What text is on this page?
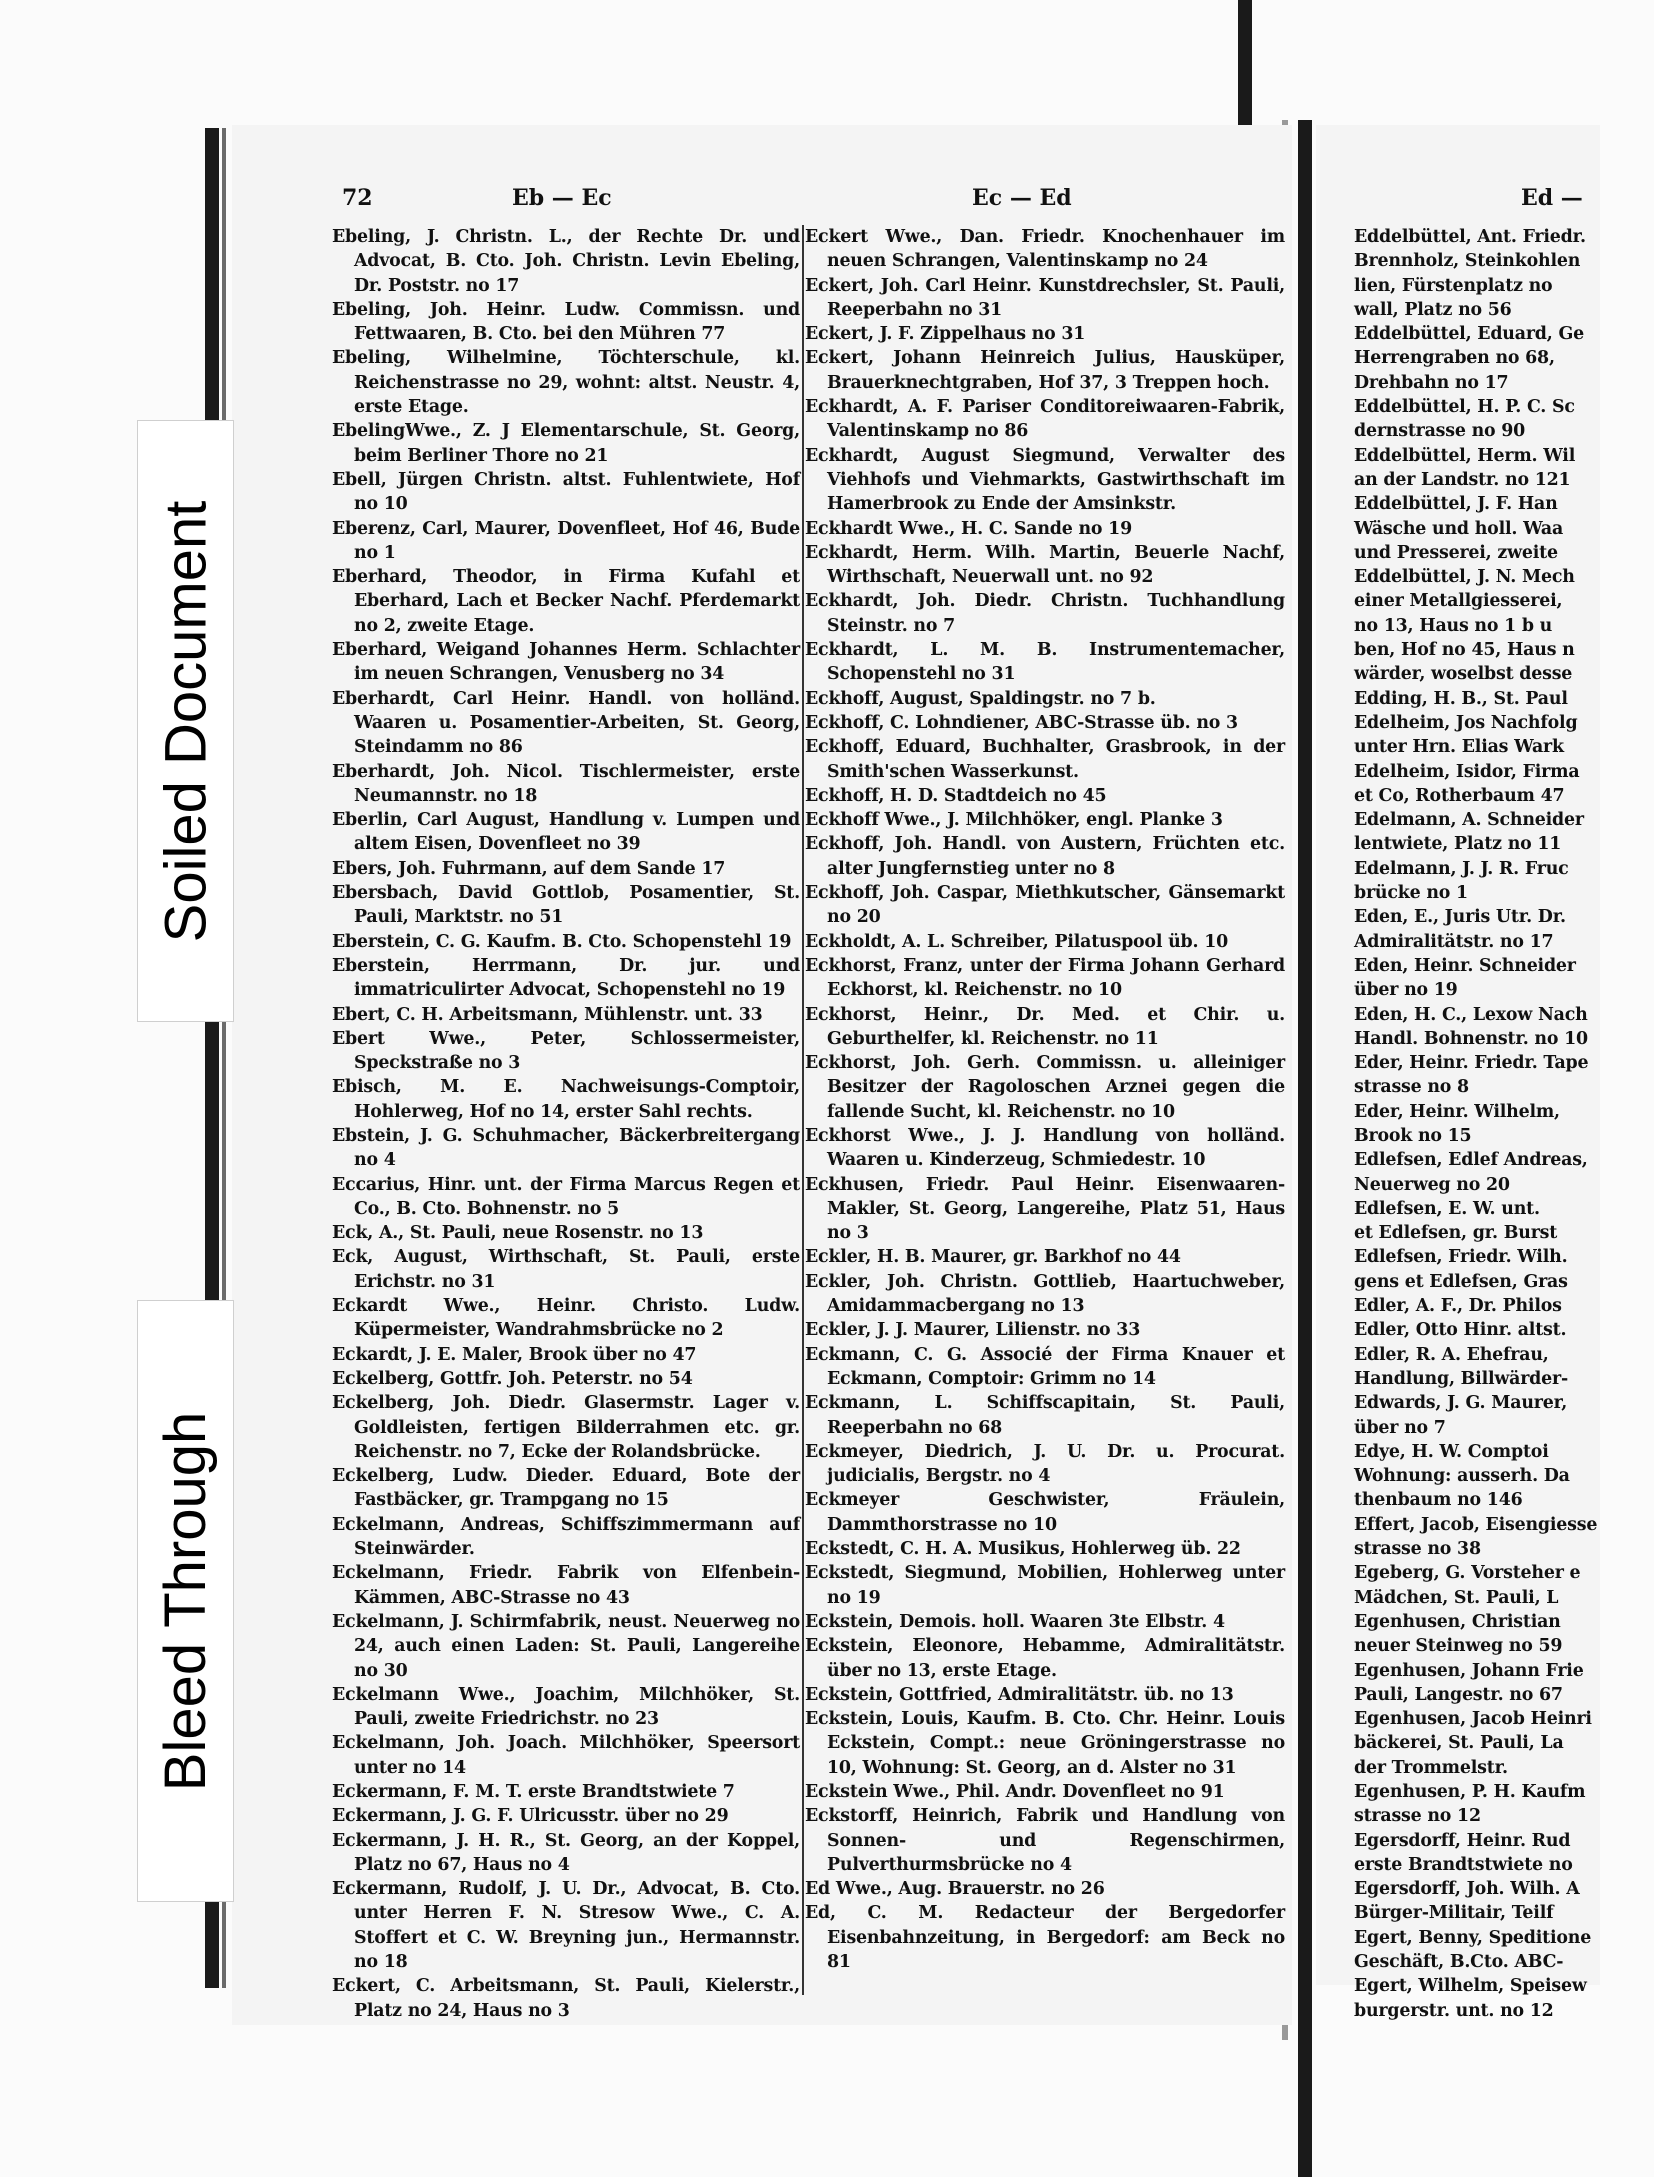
72	Eb — Ec	Ec — Ed

Ebeling, J. Christn. L., der Rechte Dr. und Advocat, B. Cto. Joh. Christn. Levin Ebeling, Dr. Poststr. no 17

Ebeling, Joh. Heinr. Ludw. Commissn. und Fettwaaren, B. Cto. bei den Mühren 77

Ebeling, Wilhelmine, Töchterschule, kl. Reichenstrasse no 29, wohnt: altst. Neustr. 4, erste Etage.

EbelingWwe., Z. J Elementarschule, St. Georg, beim Berliner Thore no 21

Ebell, Jürgen Christn. altst. Fuhlentwiete, Hof no 10

Eberenz, Carl, Maurer, Dovenfleet, Hof 46, Bude no 1

Eberhard, Theodor, in Firma Kufahl et Eberhard, Lach et Becker Nachf. Pferdemarkt no 2, zweite Etage.

Eberhard, Weigand Johannes Herm. Schlachter im neuen Schrangen, Venusberg no 34

Eberhardt, Carl Heinr. Handl. von holländ. Waaren u. Posamentier-Arbeiten, St. Georg, Steindamm no 86

Eberhardt, Joh. Nicol. Tischlermeister, erste Neumannstr. no 18

Eberlin, Carl August, Handlung v. Lumpen und altem Eisen, Dovenfleet no 39

Ebers, Joh. Fuhrmann, auf dem Sande 17

Ebersbach, David Gottlob, Posamentier, St. Pauli, Marktstr. no 51

Eberstein, C. G. Kaufm. B. Cto. Schopenstehl 19

Eberstein, Herrmann, Dr. jur. und immatriculirter Advocat, Schopenstehl no 19

Ebert, C. H. Arbeitsmann, Mühlenstr. unt. 33

Ebert Wwe., Peter, Schlossermeister, Speckstraße no 3

Ebisch, M. E. Nachweisungs-Comptoir, Hohlerweg, Hof no 14, erster Sahl rechts.

Ebstein, J. G. Schuhmacher, Bäckerbreitergang no 4

Eccarius, Hinr. unt. der Firma Marcus Regen et Co., B. Cto. Bohnenstr. no 5

Eck, A., St. Pauli, neue Rosenstr. no 13

Eck, August, Wirthschaft, St. Pauli, erste Erichstr. no 31

Eckardt Wwe., Heinr. Christo. Ludw. Küpermeister, Wandrahmsbrücke no 2

Eckardt, J. E. Maler, Brook über no 47

Eckelberg, Gottfr. Joh. Peterstr. no 54

Eckelberg, Joh. Diedr. Glasermstr. Lager v. Goldleisten, fertigen Bilderrahmen etc. gr. Reichenstr. no 7, Ecke der Rolandsbrücke.

Eckelberg, Ludw. Dieder. Eduard, Bote der Fastbäcker, gr. Trampgang no 15

Eckelmann, Andreas, Schiffszimmermann auf Steinwärder.

Eckelmann, Friedr. Fabrik von Elfenbein-Kämmen, ABC-Strasse no 43

Eckelmann, J. Schirmfabrik, neust. Neuerweg no 24, auch einen Laden: St. Pauli, Langereihe no 30

Eckelmann Wwe., Joachim, Milchhöker, St. Pauli, zweite Friedrichstr. no 23

Eckelmann, Joh. Joach. Milchhöker, Speersort unter no 14

Eckermann, F. M. T. erste Brandtstwiete 7

Eckermann, J. G. F. Ulricusstr. über no 29

Eckermann, J. H. R., St. Georg, an der Koppel, Platz no 67, Haus no 4

Eckermann, Rudolf, J. U. Dr., Advocat, B. Cto. unter Herren F. N. Stresow Wwe., C. A. Stoffert et C. W. Breyning jun., Hermannstr. no 18

Eckert, C. Arbeitsmann, St. Pauli, Kielerstr., Platz no 24, Haus no 3

Eckert Wwe., Dan. Friedr. Knochenhauer im neuen Schrangen, Valentinskamp no 24

Eckert, Joh. Carl Heinr. Kunstdrechsler, St. Pauli, Reeperbahn no 31

Eckert, J. F. Zippelhaus no 31

Eckert, Johann Heinreich Julius, Hausküper, Brauerknechtgraben, Hof 37, 3 Treppen hoch.

Eckhardt, A. F. Pariser Conditoreiwaaren-Fabrik, Valentinskamp no 86

Eckhardt, August Siegmund, Verwalter des Viehhofs und Viehmarkts, Gastwirthschaft im Hamerbrook zu Ende der Amsinkstr.

Eckhardt Wwe., H. C. Sande no 19

Eckhardt, Herm. Wilh. Martin, Beuerle Nachf, Wirthschaft, Neuerwall unt. no 92

Eckhardt, Joh. Diedr. Christn. Tuchhandlung Steinstr. no 7

Eckhardt, L. M. B. Instrumentemacher, Schopenstehl no 31

Eckhoff, August, Spaldingstr. no 7 b.

Eckhoff, C. Lohndiener, ABC-Strasse üb. no 3

Eckhoff, Eduard, Buchhalter, Grasbrook, in der Smith'schen Wasserkunst.

Eckhoff, H. D. Stadtdeich no 45

Eckhoff Wwe., J. Milchhöker, engl. Planke 3

Eckhoff, Joh. Handl. von Austern, Früchten etc. alter Jungfernstieg unter no 8

Eckhoff, Joh. Caspar, Miethkutscher, Gänsemarkt no 20

Eckholdt, A. L. Schreiber, Pilatuspool üb. 10

Eckhorst, Franz, unter der Firma Johann Gerhard Eckhorst, kl. Reichenstr. no 10

Eckhorst, Heinr., Dr. Med. et Chir. u. Geburthelfer, kl. Reichenstr. no 11

Eckhorst, Joh. Gerh. Commissn. u. alleiniger Besitzer der Ragoloschen Arznei gegen die fallende Sucht, kl. Reichenstr. no 10

Eckhorst Wwe., J. J. Handlung von holländ. Waaren u. Kinderzeug, Schmiedestr. 10

Eckhusen, Friedr. Paul Heinr. Eisenwaaren-Makler, St. Georg, Langereihe, Platz 51, Haus no 3

Eckler, H. B. Maurer, gr. Barkhof no 44

Eckler, Joh. Christn. Gottlieb, Haartuchweber, Amidammacbergang no 13

Eckler, J. J. Maurer, Lilienstr. no 33

Eckmann, C. G. Associé der Firma Knauer et Eckmann, Comptoir: Grimm no 14

Eckmann, L. Schiffscapitain, St. Pauli, Reeperbahn no 68

Eckmeyer, Diedrich, J. U. Dr. u. Procurat. judicialis, Bergstr. no 4

Eckmeyer Geschwister, Fräulein, Dammthorstrasse no 10

Eckstedt, C. H. A. Musikus, Hohlerweg üb. 22

Eckstedt, Siegmund, Mobilien, Hohlerweg unter no 19

Eckstein, Demois. holl. Waaren 3te Elbstr. 4

Eckstein, Eleonore, Hebamme, Admiralitätstr. über no 13, erste Etage.

Eckstein, Gottfried, Admiralitätstr. üb. no 13

Eckstein, Louis, Kaufm. B. Cto. Chr. Heinr. Louis Eckstein, Compt.: neue Gröningerstrasse no 10, Wohnung: St. Georg, an d. Alster no 31

Eckstein Wwe., Phil. Andr. Dovenfleet no 91

Eckstorff, Heinrich, Fabrik und Handlung von Sonnen- und Regenschirmen, Pulverthurmsbrücke no 4

Ed Wwe., Aug. Brauerstr. no 26

Ed, C. M. Redacteur der Bergedorfer Eisenbahnzeitung, in Bergedorf: am Beck no 81

Ed —

Eddelbüttel, Ant. Friedr.

Brennholz, Steinkohlen

lien, Fürstenplatz no

wall, Platz no 56

Eddelbüttel, Eduard, Ge

Herrengraben no 68,

Drehbahn no 17

Eddelbüttel, H. P. C. Sc

dernstrasse no 90

Eddelbüttel, Herm. Wil

an der Landstr. no 121

Eddelbüttel, J. F. Han

Wäsche und holl. Waa

und Presserei, zweite

Eddelbüttel, J. N. Mech

einer Metallgiesserei,

no 13, Haus no 1 b u

ben, Hof no 45, Haus n

wärder, woselbst desse

Edding, H. B., St. Paul

Edelheim, Jos Nachfolg

unter Hrn. Elias Wark

Edelheim, Isidor, Firma

et Co, Rotherbaum 47

Edelmann, A. Schneider

lentwiete, Platz no 11

Edelmann, J. J. R. Fruc

brücke no 1

Eden, E., Juris Utr. Dr.

Admiralitätstr. no 17

Eden, Heinr. Schneider

über no 19

Eden, H. C., Lexow Nach

Handl. Bohnenstr. no 10

Eder, Heinr. Friedr. Tape

strasse no 8

Eder, Heinr. Wilhelm,

Brook no 15

Edlefsen, Edlef Andreas,

Neuerweg no 20

Edlefsen, E. W. unt.

et Edlefsen, gr. Burst

Edlefsen, Friedr. Wilh.

gens et Edlefsen, Gras

Edler, A. F., Dr. Philos

Edler, Otto Hinr. altst.

Edler, R. A. Ehefrau,

Handlung, Billwärder-

Edwards, J. G. Maurer,

über no 7

Edye, H. W. Comptoi

Wohnung: ausserh. Da

thenbaum no 146

Effert, Jacob, Eisengiesse

strasse no 38

Egeberg, G. Vorsteher e

Mädchen, St. Pauli, L

Egenhusen, Christian

neuer Steinweg no 59

Egenhusen, Johann Frie

Pauli, Langestr. no 67

Egenhusen, Jacob Heinri

bäckerei, St. Pauli, La

der Trommelstr.

Egenhusen, P. H. Kaufm

strasse no 12

Egersdorff, Heinr. Rud

erste Brandtstwiete no

Egersdorff, Joh. Wilh. A

Bürger-Militair, Teilf

Egert, Benny, Speditione

Geschäft, B.Cto. ABC-

Egert, Wilhelm, Speisew

burgerstr. unt. no 12

Soiled Document
Bleed Through
